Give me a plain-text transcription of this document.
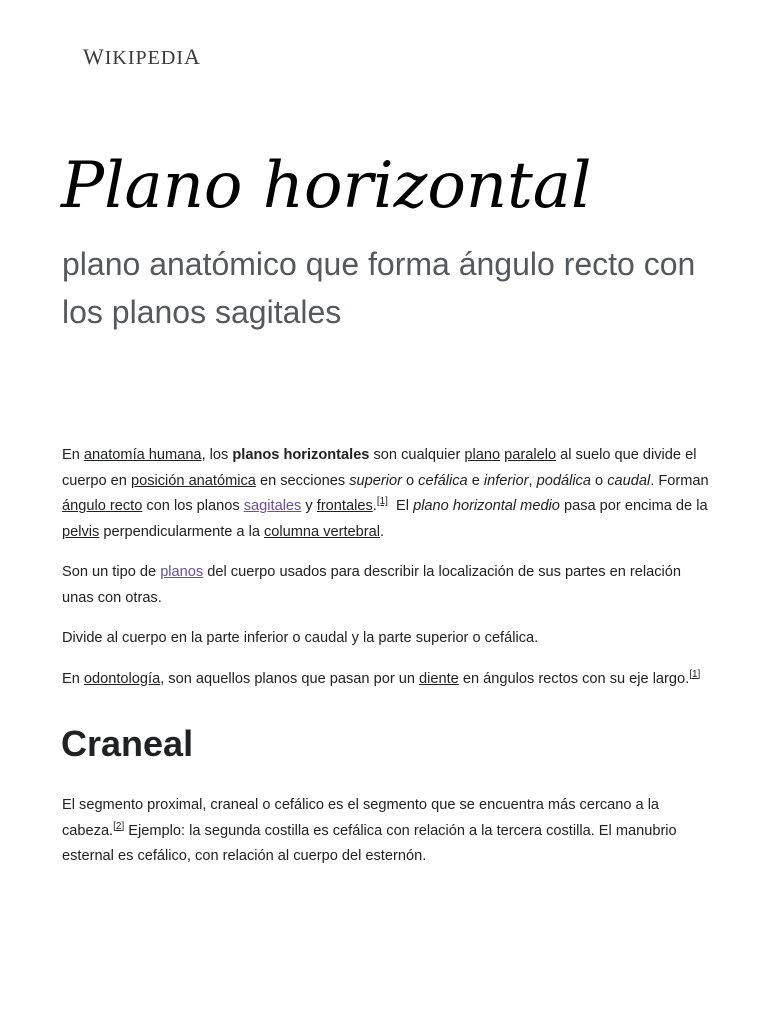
WIKIPEDIA
Plano horizontal

plano anatómico que forma ángulo recto con los planos sagitales

En anatomía humana, los planos horizontales son cualquier plano paralelo al suelo que divide el cuerpo en posición anatómica en secciones superior o cefálica e inferior, podálica o caudal. Forman ángulo recto con los planos sagitales y frontales.[1]  El plano horizontal medio pasa por encima de la pelvis perpendicularmente a la columna vertebral.

Son un tipo de planos del cuerpo usados para describir la localización de sus partes en relación unas con otras.

Divide al cuerpo en la parte inferior o caudal y la parte superior o cefálica.

En odontología, son aquellos planos que pasan por un diente en ángulos rectos con su eje largo.[1]

Craneal

El segmento proximal, craneal o cefálico es el segmento que se encuentra más cercano a la cabeza.[2] Ejemplo: la segunda costilla es cefálica con relación a la tercera costilla. El manubrio esternal es cefálico, con relación al cuerpo del esternón.
